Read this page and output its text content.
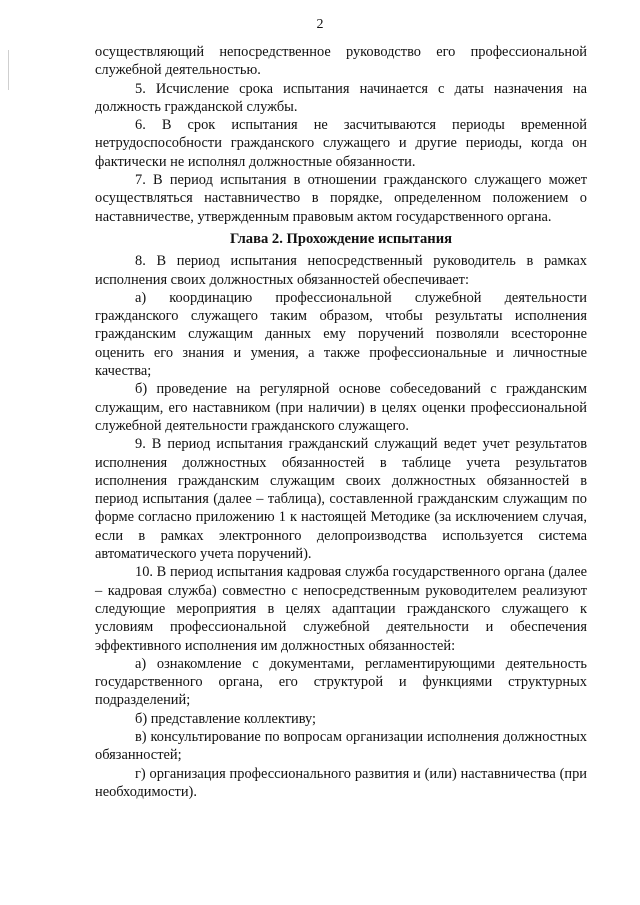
2

осуществляющий непосредственное руководство его профессиональной служебной деятельностью.

5. Исчисление срока испытания начинается с даты назначения на должность гражданской службы.

6. В срок испытания не засчитываются периоды временной нетрудоспособности гражданского служащего и другие периоды, когда он фактически не исполнял должностные обязанности.

7. В период испытания в отношении гражданского служащего может осуществляться наставничество в порядке, определенном положением о наставничестве, утвержденным правовым актом государственного органа.

Глава 2. Прохождение испытания

8. В период испытания непосредственный руководитель в рамках исполнения своих должностных обязанностей обеспечивает:

а) координацию профессиональной служебной деятельности гражданского служащего таким образом, чтобы результаты исполнения гражданским служащим данных ему поручений позволяли всесторонне оценить его знания и умения, а также профессиональные и личностные качества;

б) проведение на регулярной основе собеседований с гражданским служащим, его наставником (при наличии) в целях оценки профессиональной служебной деятельности гражданского служащего.

9. В период испытания гражданский служащий ведет учет результатов исполнения должностных обязанностей в таблице учета результатов исполнения гражданским служащим своих должностных обязанностей в период испытания (далее – таблица), составленной гражданским служащим по форме согласно приложению 1 к настоящей Методике (за исключением случая, если в рамках электронного делопроизводства используется система автоматического учета поручений).

10. В период испытания кадровая служба государственного органа (далее – кадровая служба) совместно с непосредственным руководителем реализуют следующие мероприятия в целях адаптации гражданского служащего к условиям профессиональной служебной деятельности и обеспечения эффективного исполнения им должностных обязанностей:

а) ознакомление с документами, регламентирующими деятельность государственного органа, его структурой и функциями структурных подразделений;

б) представление коллективу;

в) консультирование по вопросам организации исполнения должностных обязанностей;

г) организация профессионального развития и (или) наставничества (при необходимости).
